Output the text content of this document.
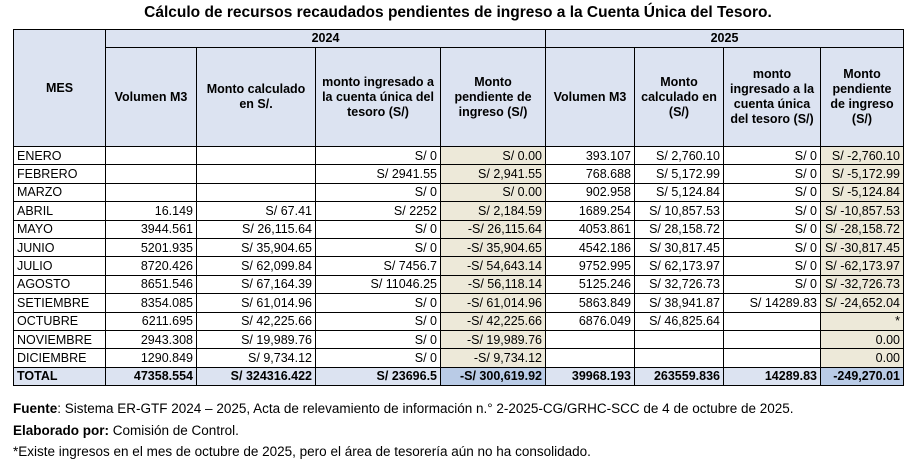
Cálculo de recursos recaudados pendientes de ingreso a la Cuenta Única del Tesoro.
MES	2024				2025			
	Volumen M3	Monto calculado en S/.	monto ingresado a la cuenta única del tesoro (S/)	Monto pendiente de ingreso (S/)	Volumen M3	Monto calculado en (S/)	monto ingresado a la cuenta única del tesoro (S/)	Monto pendiente de ingreso (S/)
ENERO			S/ 0	S/ 0.00	393.107	S/ 2,760.10	S/ 0	S/ -2,760.10
FEBRERO			S/ 2941.55	S/ 2,941.55	768.688	S/ 5,172.99	S/ 0	S/ -5,172.99
MARZO			S/ 0	S/ 0.00	902.958	S/ 5,124.84	S/ 0	S/ -5,124.84
ABRIL	16.149	S/ 67.41	S/ 2252	S/ 2,184.59	1689.254	S/ 10,857.53	S/ 0	S/ -10,857.53
MAYO	3944.561	S/ 26,115.64	S/ 0	-S/ 26,115.64	4053.861	S/ 28,158.72	S/ 0	S/ -28,158.72
JUNIO	5201.935	S/ 35,904.65	S/ 0	-S/ 35,904.65	4542.186	S/ 30,817.45	S/ 0	S/ -30,817.45
JULIO	8720.426	S/ 62,099.84	S/ 7456.7	-S/ 54,643.14	9752.995	S/ 62,173.97	S/ 0	S/ -62,173.97
AGOSTO	8651.546	S/ 67,164.39	S/ 11046.25	-S/ 56,118.14	5125.246	S/ 32,726.73	S/ 0	S/ -32,726.73
SETIEMBRE	8354.085	S/ 61,014.96	S/ 0	-S/ 61,014.96	5863.849	S/ 38,941.87	S/ 14289.83	S/ -24,652.04
OCTUBRE	6211.695	S/ 42,225.66	S/ 0	-S/ 42,225.66	6876.049	S/ 46,825.64		*
NOVIEMBRE	2943.308	S/ 19,989.76	S/ 0	-S/ 19,989.76				0.00
DICIEMBRE	1290.849	S/ 9,734.12	S/ 0	-S/ 9,734.12				0.00
TOTAL	47358.554	S/ 324316.422	S/ 23696.5	-S/ 300,619.92	39968.193	263559.836	14289.83	-249,270.01
Fuente: Sistema ER-GTF 2024 – 2025, Acta de relevamiento de información n.° 2-2025-CG/GRHC-SCC de 4 de octubre de 2025.
Elaborado por: Comisión de Control.
*Existe ingresos en el mes de octubre de 2025, pero el área de tesorería aún no ha consolidado.
